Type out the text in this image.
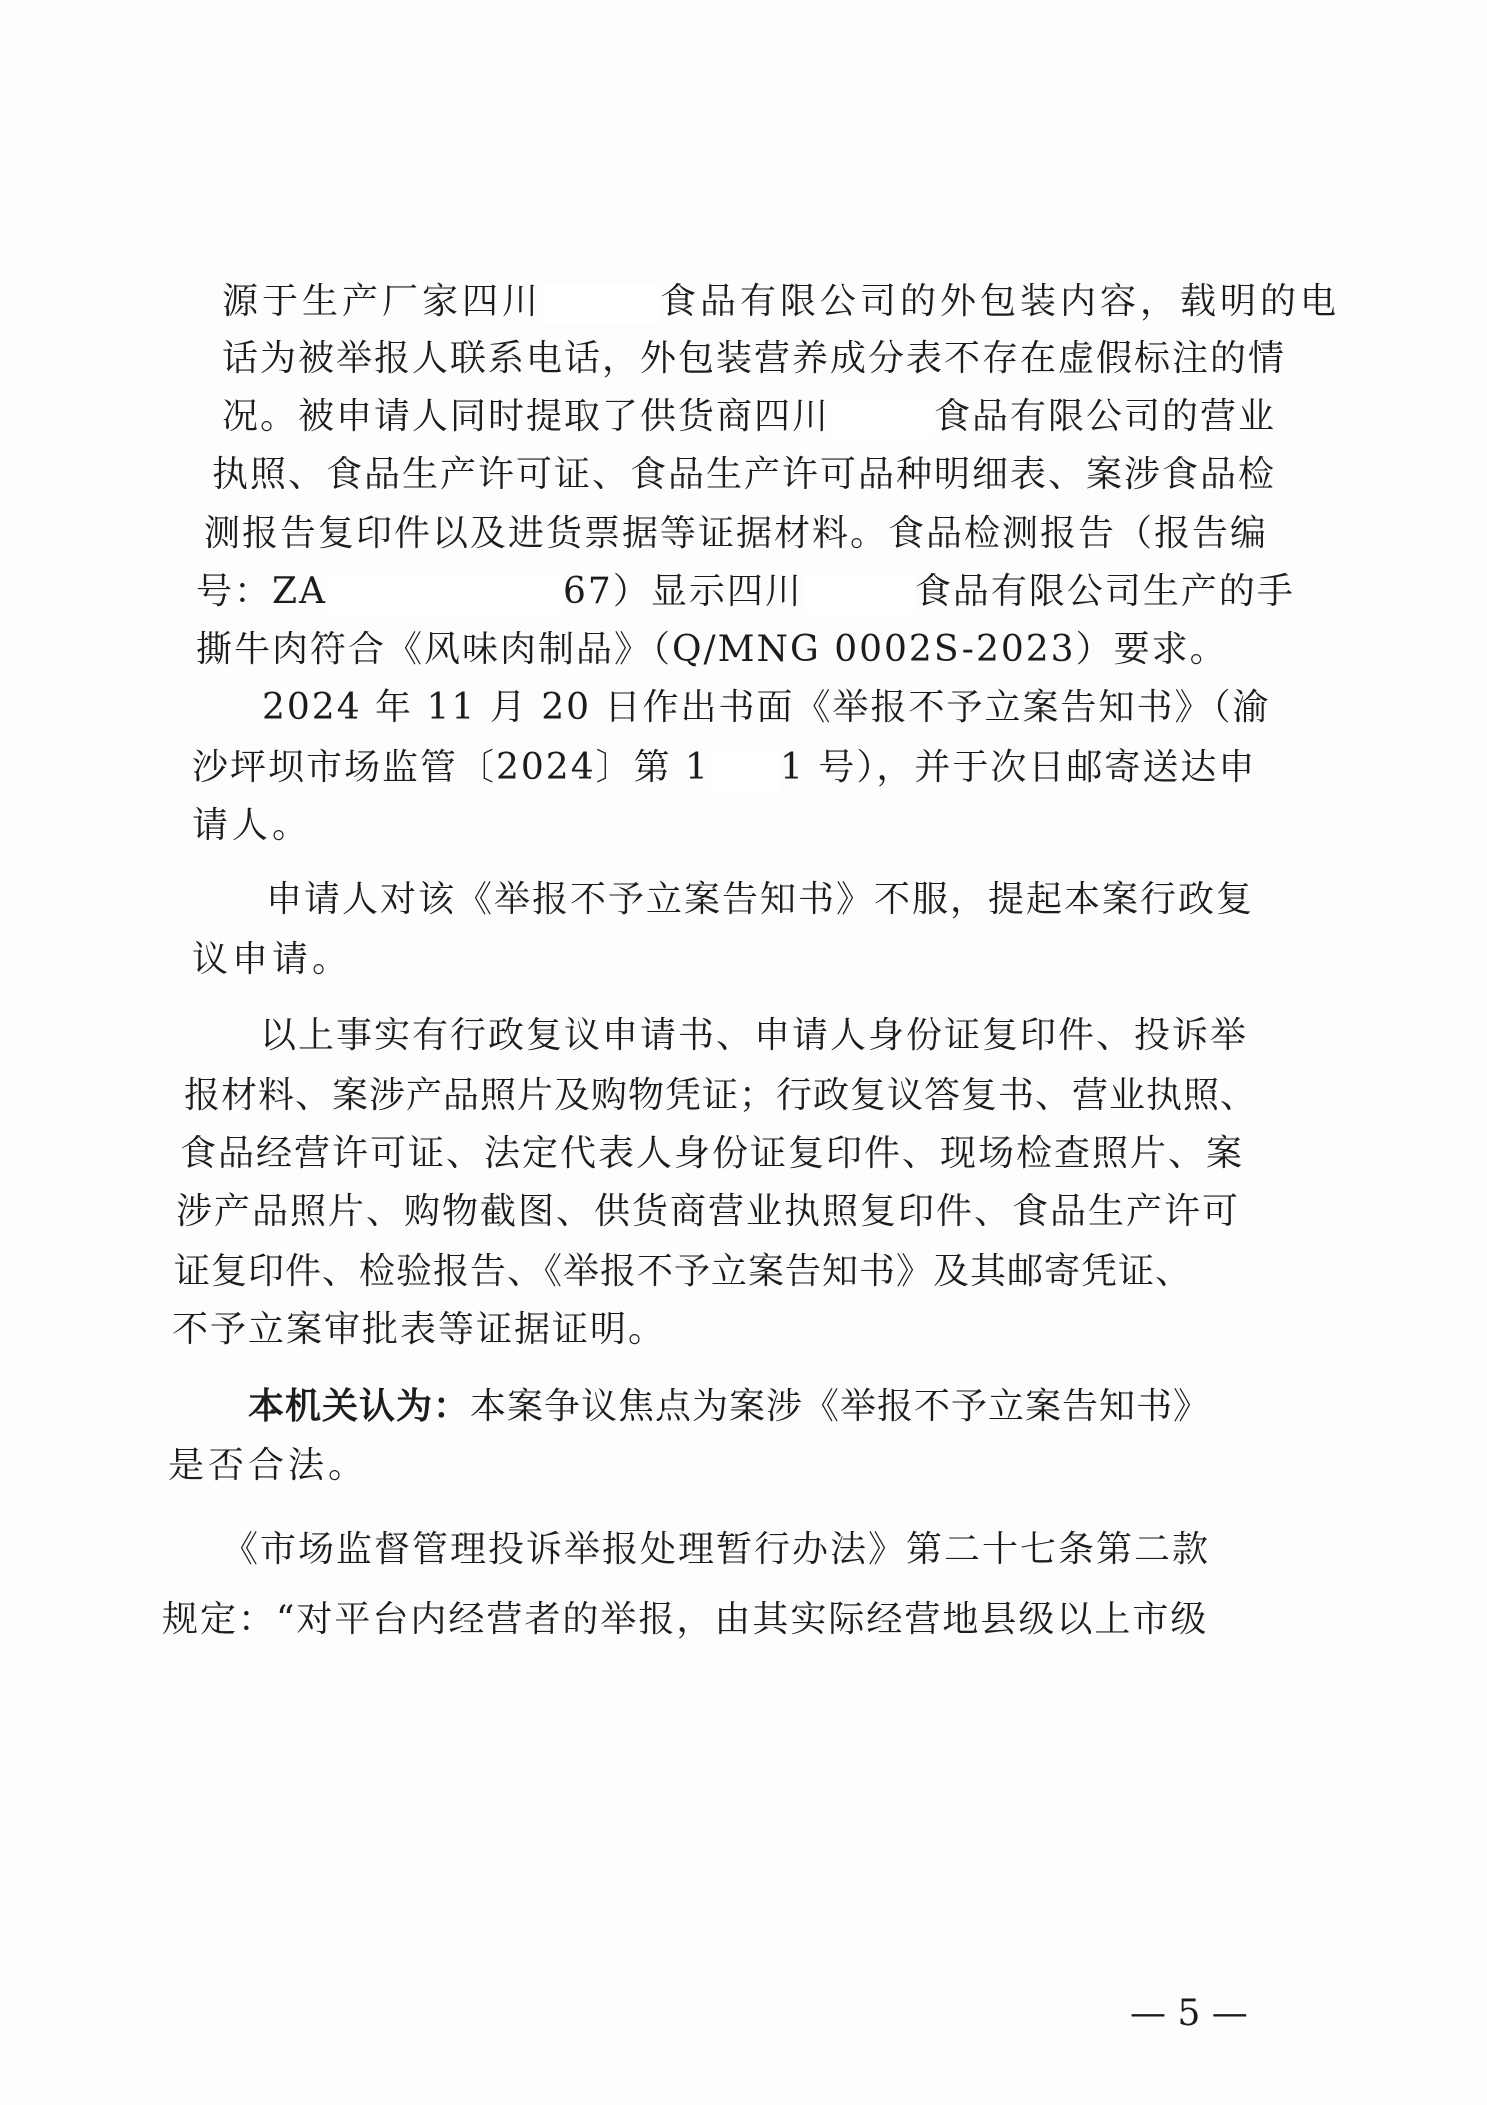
源于生产厂家四川	食品有限公司的外包装内容，载明的电
话为被举报人联系电话，外包装营养成分表不存在虚假标注的情
况。被申请人同时提取了供货商四川	食品有限公司的营业
执照、食品生产许可证、食品生产许可品种明细表、案涉食品检
测报告复印件以及进货票据等证据材料。食品检测报告（报告编
号：ZA	67）显示四川	食品有限公司生产的手
撕牛肉符合《风味肉制品》（Q/MNG 0002S-2023）要求。
2024 年 11 月 20 日作出书面《举报不予立案告知书》（渝
沙坪坝市场监管〔2024〕第 1 1 号），并于次日邮寄送达申
请人。
申请人对该《举报不予立案告知书》不服，提起本案行政复
议申请。
以上事实有行政复议申请书、申请人身份证复印件、投诉举
报材料、案涉产品照片及购物凭证；行政复议答复书、营业执照、
食品经营许可证、法定代表人身份证复印件、现场检查照片、案
涉产品照片、购物截图、供货商营业执照复印件、食品生产许可
证复印件、检验报告、《举报不予立案告知书》及其邮寄凭证、
不予立案审批表等证据证明。
本机关认为：本案争议焦点为案涉《举报不予立案告知书》
是否合法。
《市场监督管理投诉举报处理暂行办法》第二十七条第二款
规定：“对平台内经营者的举报，由其实际经营地县级以上市级
— 5 —
